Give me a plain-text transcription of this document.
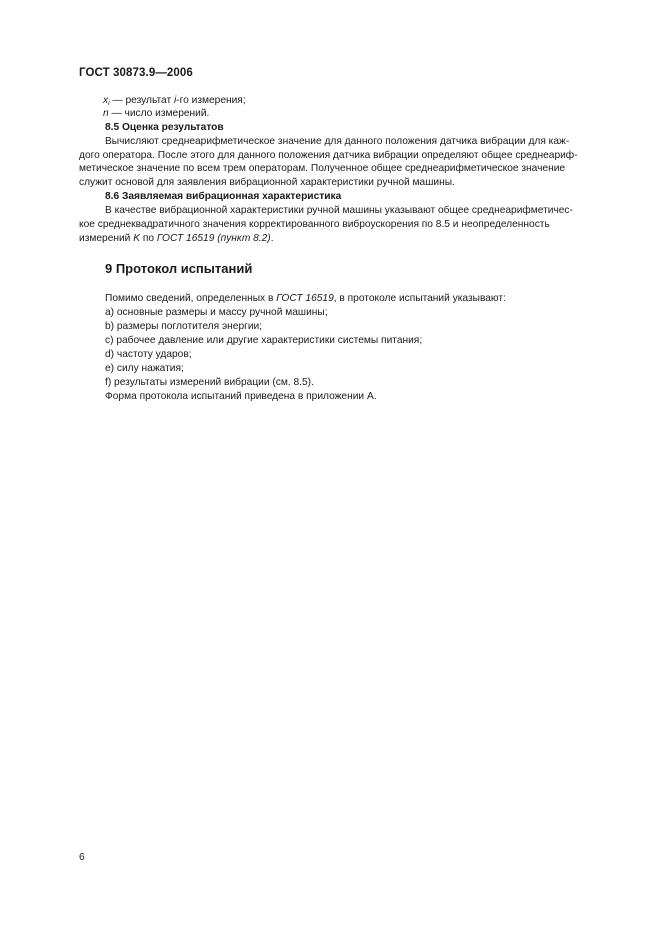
ГОСТ 30873.9—2006
$x_i$ — результат i-го измерения;
n — число измерений.
8.5 Оценка результатов
Вычисляют среднеарифметическое значение для данного положения датчика вибрации для каж-
дого оператора. После этого для данного положения датчика вибрации определяют общее среднеариф-
метическое значение по всем трем операторам. Полученное общее среднеарифметическое значение
служит основой для заявления вибрационной характеристики ручной машины.
8.6 Заявляемая вибрационная характеристика
В качестве вибрационной характеристики ручной машины указывают общее среднеарифметичес-
кое среднеквадратичного значения корректированного виброускорения по 8.5 и неопределенность
измерений K по ГОСТ 16519 (пункт 8.2).
9 Протокол испытаний
Помимо сведений, определенных в ГОСТ 16519, в протоколе испытаний указывают:
a) основные размеры и массу ручной машины;
b) размеры поглотителя энергии;
c) рабочее давление или другие характеристики системы питания;
d) частоту ударов;
e) силу нажатия;
f) результаты измерений вибрации (см. 8.5).
Форма протокола испытаний приведена в приложении А.
6
